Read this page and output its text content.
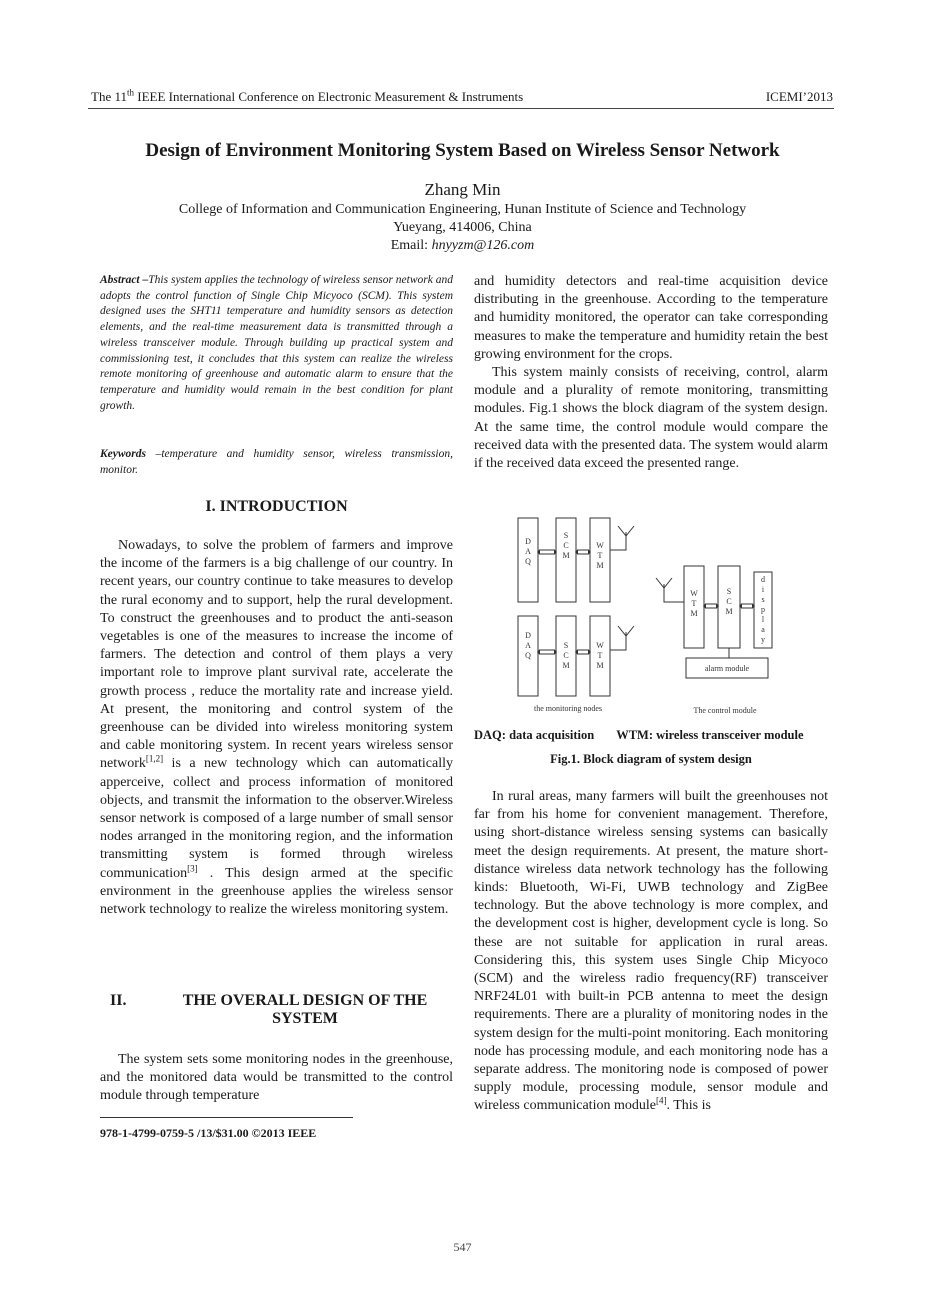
The 11th IEEE International Conference on Electronic Measurement & Instruments	ICEMI’2013
Design of Environment Monitoring System Based on Wireless Sensor Network
Zhang Min
College of Information and Communication Engineering, Hunan Institute of Science and Technology
Yueyang, 414006, China
Email: hnyyzm@126.com
Abstract –This system applies the technology of wireless sensor network and adopts the control function of Single Chip Micyoco (SCM). This system designed uses the SHT11 temperature and humidity sensors as detection elements, and the real-time measurement data is transmitted through a wireless transceiver module. Through building up practical system and commissioning test, it concludes that this system can realize the wireless remote monitoring of greenhouse and automatic alarm to ensure that the temperature and humidity would remain in the best condition for plant growth.
Keywords –temperature and humidity sensor, wireless transmission, monitor.
I. INTRODUCTION

Nowadays, to solve the problem of farmers and improve the income of the farmers is a big challenge of our country. In recent years, our country continue to take measures to develop the rural economy and to support, help the rural development. To construct the greenhouses and to product the anti-season vegetables is one of the measures to increase the income of farmers. The detection and control of them plays a very important role to improve plant survival rate, accelerate the growth process , reduce the mortality rate and increase yield. At present, the monitoring and control system of the greenhouse can be divided into wireless monitoring system and cable monitoring system. In recent years wireless sensor network[1,2] is a new technology which can automatically apperceive, collect and process information of monitored objects, and transmit the information to the observer.Wireless sensor network is composed of a large number of small sensor nodes arranged in the monitoring region, and the information transmitting system is formed through wireless communication[3] . This design armed at the specific environment in the greenhouse applies the wireless sensor network technology to realize the wireless monitoring system.

II.	THE OVERALL DESIGN OF THE
SYSTEM

The system sets some monitoring nodes in the greenhouse, and the monitored data would be transmitted to the control module through temperature

978-1-4799-0759-5 /13/$31.00 ©2013 IEEE

and humidity detectors and real-time acquisition device distributing in the greenhouse. According to the temperature and humidity monitored, the operator can take corresponding measures to make the temperature and humidity retain the best growing environment for the crops.

This system mainly consists of receiving, control, alarm module and a plurality of remote monitoring, transmitting modules. Fig.1 shows the block diagram of the system design. At the same time, the control module would compare the received data with the presented data. The system would alarm if the received data exceed the presented range.

D
A
Q
S
C
M
W
T
M
D
A
Q
S
C
M
W
T
M
W
T
M
S
C
M
d
i
s
p
l
a
y
alarm module
the monitoring nodes	The control module
DAQ: data acquisition WTM: wireless transceiver module
Fig.1. Block diagram of system design

In rural areas, many farmers will built the greenhouses not far from his home for convenient management. Therefore, using short-distance wireless sensing systems can basically meet the design requirements. At present, the mature short-distance wireless data network technology has the following kinds: Bluetooth, Wi-Fi, UWB technology and ZigBee technology. But the above technology is more complex, and the development cost is higher, development cycle is long. So these are not suitable for application in rural areas. Considering this, this system uses Single Chip Micyoco (SCM) and the wireless radio frequency(RF) transceiver NRF24L01 with built-in PCB antenna to meet the design requirements. There are a plurality of monitoring nodes in the system design for the multi-point monitoring. Each monitoring node has processing module, and each monitoring node has a separate address. The monitoring node is composed of power supply module, processing module, sensor module and wireless communication module[4]. This is

547
